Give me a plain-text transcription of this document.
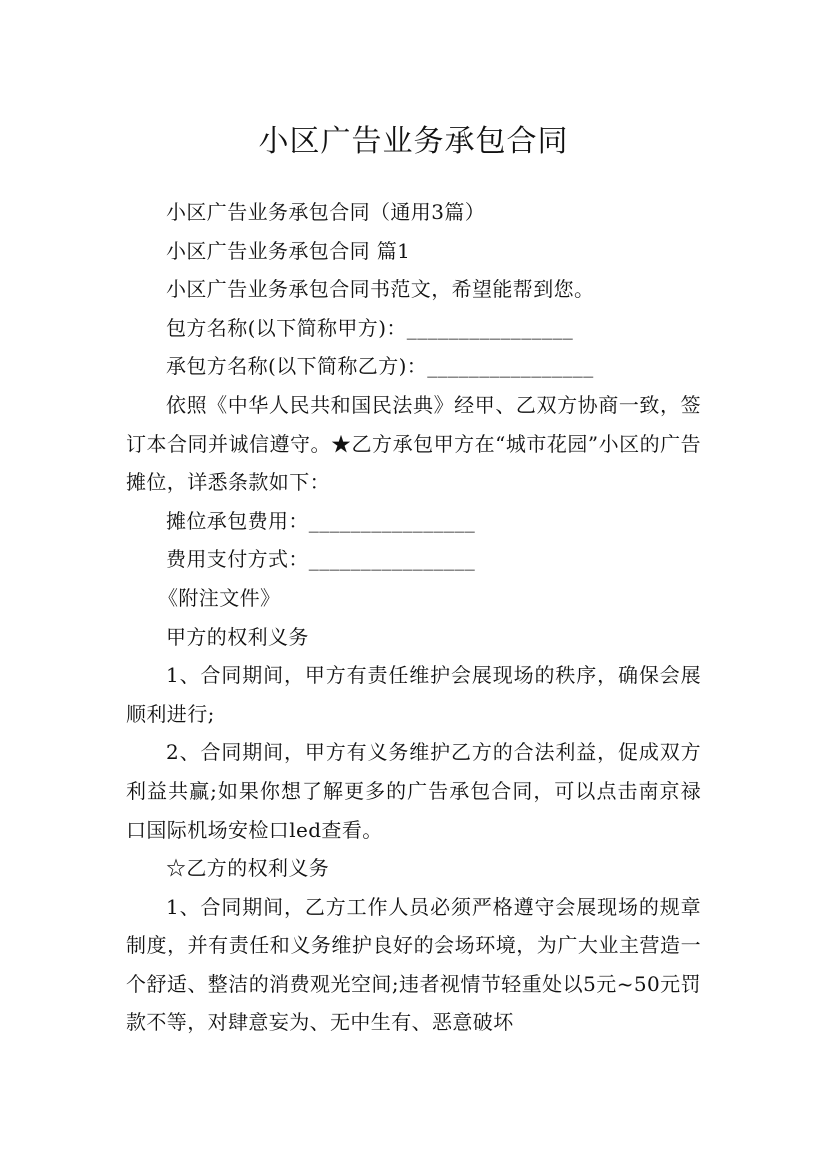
小区广告业务承包合同

小区广告业务承包合同（通用3篇）

小区广告业务承包合同 篇1

小区广告业务承包合同书范文，希望能帮到您。

包方名称(以下简称甲方)：________________

承包方名称(以下简称乙方)：________________

依照《中华人民共和国民法典》经甲、乙双方协商一致，签订本合同并诚信遵守。★乙方承包甲方在“城市花园”小区的广告摊位，详悉条款如下：

摊位承包费用：________________

费用支付方式：________________

《附注文件》

甲方的权利义务

1、合同期间，甲方有责任维护会展现场的秩序，确保会展顺利进行;

2、合同期间，甲方有义务维护乙方的合法利益，促成双方利益共赢;如果你想了解更多的广告承包合同，可以点击南京禄口国际机场安检口led查看。

☆乙方的权利义务

1、合同期间，乙方工作人员必须严格遵守会展现场的规章制度，并有责任和义务维护良好的会场环境，为广大业主营造一个舒适、整洁的消费观光空间;违者视情节轻重处以5元~50元罚款不等，对肆意妄为、无中生有、恶意破坏
